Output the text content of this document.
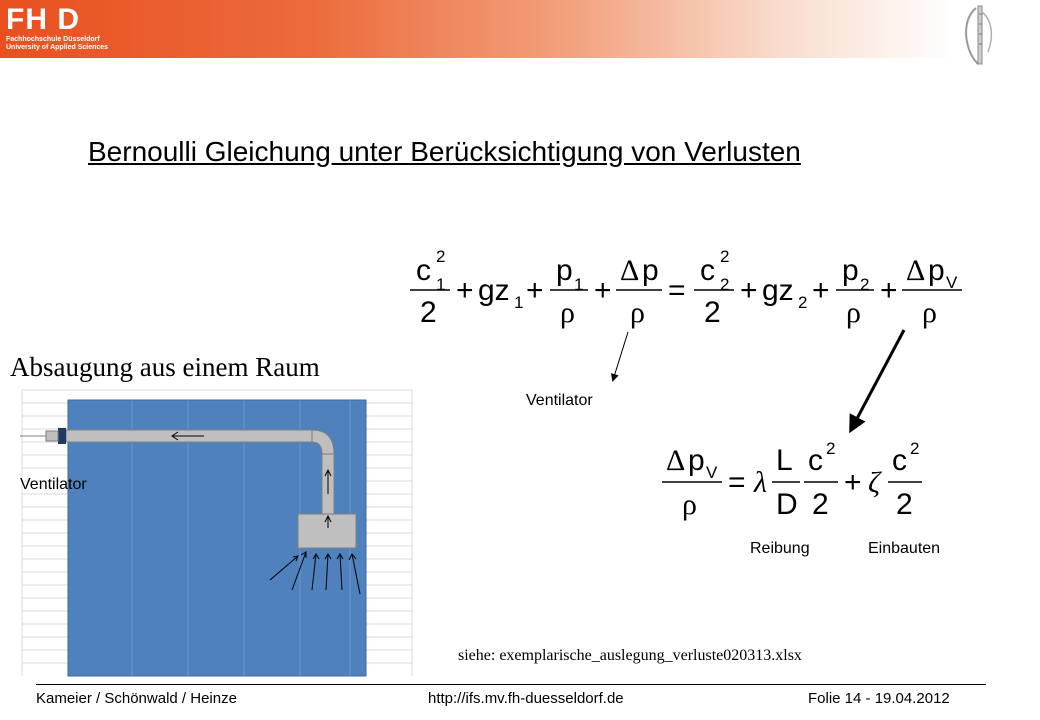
FH D
Fachhochschule Düsseldorf
University of Applied Sciences
Bernoulli Gleichung unter Berücksichtigung von Verlusten
c 1
2
2
+ gz 1 +
p 1
ρ
+
Δ p
ρ
=
c 2
2
2
+ gz 2 +
p 2
ρ
+
Δ p V
ρ
Δ p V
ρ
= λ
L
D
c 2
2
+ ζ
c 2
2
Absaugung aus einem Raum
Ventilator
Ventilator
Reibung	Einbauten
siehe: exemplarische_auslegung_verluste020313.xlsx
Kameier / Schönwald / Heinze	http://ifs.mv.fh-duesseldorf.de	Folie 14 - 19.04.2012
